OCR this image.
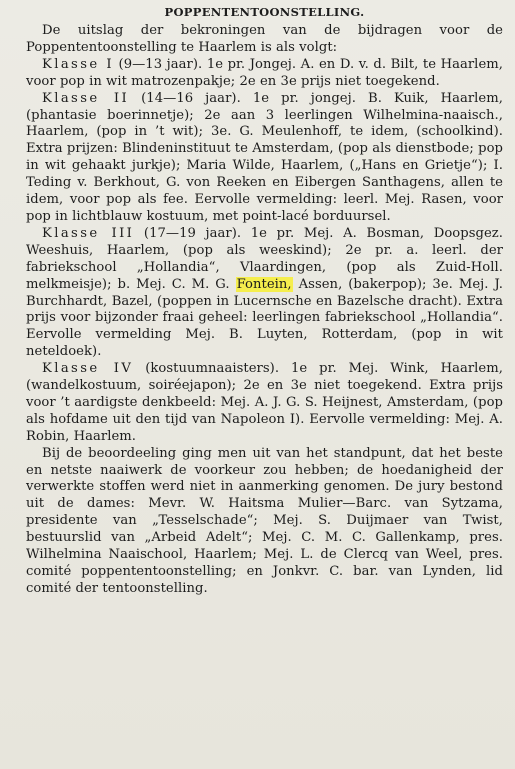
POPPENTENTOONSTELLING.

De uitslag der bekroningen van de bijdragen voor de Poppententoonstelling te Haarlem is als volgt:

Klasse I (9—13 jaar). 1e pr. Jongej. A. en D. v. d. Bilt, te Haarlem, voor pop in wit matrozenpakje; 2e en 3e prijs niet toegekend.

Klasse II (14—16 jaar). 1e pr. jongej. B. Kuik, Haarlem, (phantasie boerinnetje); 2e aan 3 leerlingen Wilhelmina-naaisch., Haarlem, (pop in ’t wit); 3e. G. Meulenhoff, te idem, (schoolkind). Extra prijzen: Blindeninstituut te Amsterdam, (pop als dienstbode; pop in wit gehaakt jurkje); Maria Wilde, Haarlem, („Hans en Grietje“); I. Teding v. Berkhout, G. von Reeken en Eibergen Santhagens, allen te idem, voor pop als fee. Eervolle vermelding: leerl. Mej. Rasen, voor pop in lichtblauw kostuum, met point-lacé borduursel.

Klasse III (17—19 jaar). 1e pr. Mej. A. Bosman, Doopsgez. Weeshuis, Haarlem, (pop als weeskind); 2e pr. a. leerl. der fabriekschool „Hollandia“, Vlaardingen, (pop als Zuid-Holl. melkmeisje); b. Mej. C. M. G. Fontein, Assen, (bakerpop); 3e. Mej. J. Burchhardt, Bazel, (poppen in Lucernsche en Bazelsche dracht). Extra prijs voor bijzonder fraai geheel: leerlingen fabriekschool „Hollandia“. Eervolle vermelding Mej. B. Luyten, Rotterdam, (pop in wit neteldoek).

Klasse IV (kostuumnaaisters). 1e pr. Mej. Wink, Haarlem, (wandelkostuum, soiréejapon); 2e en 3e niet toegekend. Extra prijs voor ’t aardigste denkbeeld: Mej. A. J. G. S. Heijnest, Amsterdam, (pop als hofdame uit den tijd van Napoleon I). Eervolle vermelding: Mej. A. Robin, Haarlem.

Bij de beoordeeling ging men uit van het standpunt, dat het beste en netste naaiwerk de voorkeur zou hebben; de hoedanigheid der verwerkte stoffen werd niet in aanmerking genomen. De jury bestond uit de dames: Mevr. W. Haitsma Mulier—Barc. van Sytzama, presidente van „Tesselschade“; Mej. S. Duijmaer van Twist, bestuurslid van „Arbeid Adelt“; Mej. C. M. C. Gallenkamp, pres. Wilhelmina Naaischool, Haarlem; Mej. L. de Clercq van Weel, pres. comité poppententoonstelling; en Jonkvr. C. bar. van Lynden, lid comité der tentoonstelling.
